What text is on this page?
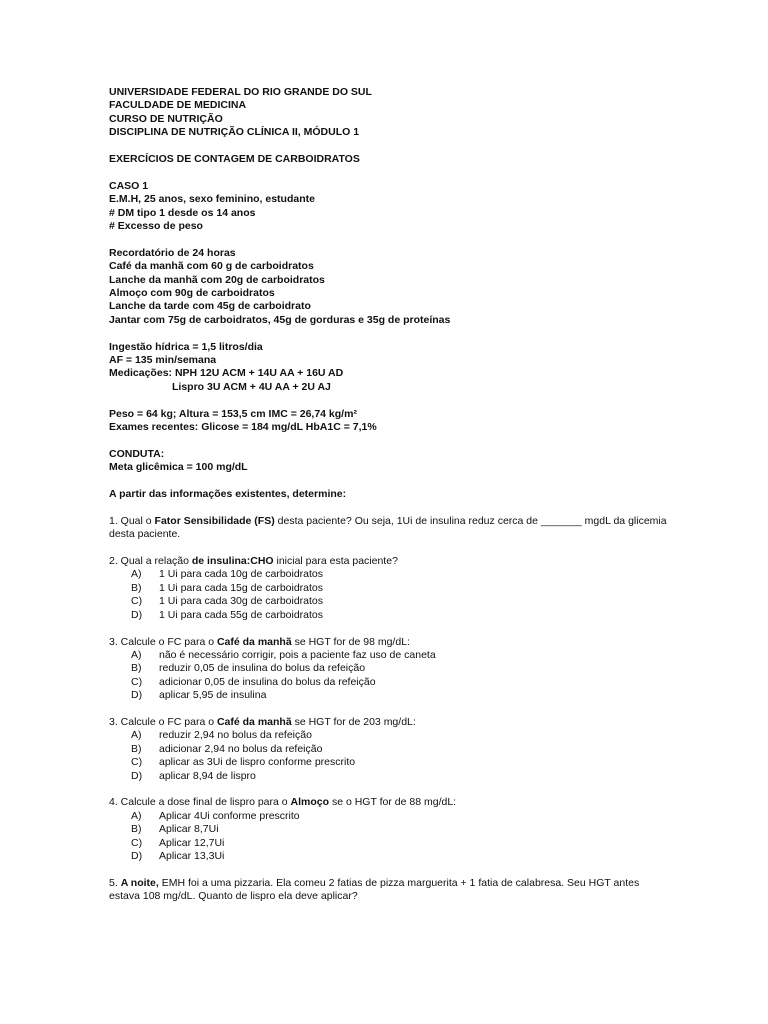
UNIVERSIDADE FEDERAL DO RIO GRANDE DO SUL
FACULDADE DE MEDICINA
CURSO DE NUTRIÇÃO
DISCIPLINA DE NUTRIÇÃO CLÍNICA II, MÓDULO 1
EXERCÍCIOS DE CONTAGEM DE CARBOIDRATOS
CASO 1
E.M.H, 25 anos, sexo feminino, estudante
# DM tipo 1 desde os 14 anos
# Excesso de peso
Recordatório de 24 horas
Café da manhã com 60 g de carboidratos
Lanche da manhã com 20g de carboidratos
Almoço com 90g de carboidratos
Lanche da tarde com 45g de carboidrato
Jantar com 75g de carboidratos, 45g de gorduras e 35g de proteínas
Ingestão hídrica = 1,5 litros/dia
AF = 135 min/semana
Medicações: NPH 12U ACM + 14U AA + 16U AD
Lispro 3U ACM + 4U AA + 2U AJ
Peso = 64 kg; Altura = 153,5 cm IMC = 26,74 kg/m²
Exames recentes: Glicose = 184 mg/dL HbA1C = 7,1%
CONDUTA:
Meta glicêmica = 100 mg/dL
A partir das informações existentes, determine:

1. Qual o Fator Sensibilidade (FS) desta paciente? Ou seja, 1Ui de insulina reduz cerca de _______ mgdL da glicemia desta paciente.

2. Qual a relação de insulina:CHO inicial para esta paciente?

A)	1 Ui para cada 10g de carboidratos
B)	1 Ui para cada 15g de carboidratos
C)	1 Ui para cada 30g de carboidratos
D)	1 Ui para cada 55g de carboidratos

3. Calcule o FC para o Café da manhã se HGT for de 98 mg/dL:

A)	não é necessário corrigir, pois a paciente faz uso de caneta
B)	reduzir 0,05 de insulina do bolus da refeição
C)	adicionar 0,05 de insulina do bolus da refeição
D)	aplicar 5,95 de insulina

3. Calcule o FC para o Café da manhã se HGT for de 203 mg/dL:

A)	reduzir 2,94 no bolus da refeição
B)	adicionar 2,94 no bolus da refeição
C)	aplicar as 3Ui de lispro conforme prescrito
D)	aplicar 8,94 de lispro

4. Calcule a dose final de lispro para o Almoço se o HGT for de 88 mg/dL:

A)	Aplicar 4Ui conforme prescrito
B)	Aplicar 8,7Ui
C)	Aplicar 12,7Ui
D)	Aplicar 13,3Ui

5. A noite, EMH foi a uma pizzaria. Ela comeu 2 fatias de pizza marguerita + 1 fatia de calabresa. Seu HGT antes estava 108 mg/dL. Quanto de lispro ela deve aplicar?
